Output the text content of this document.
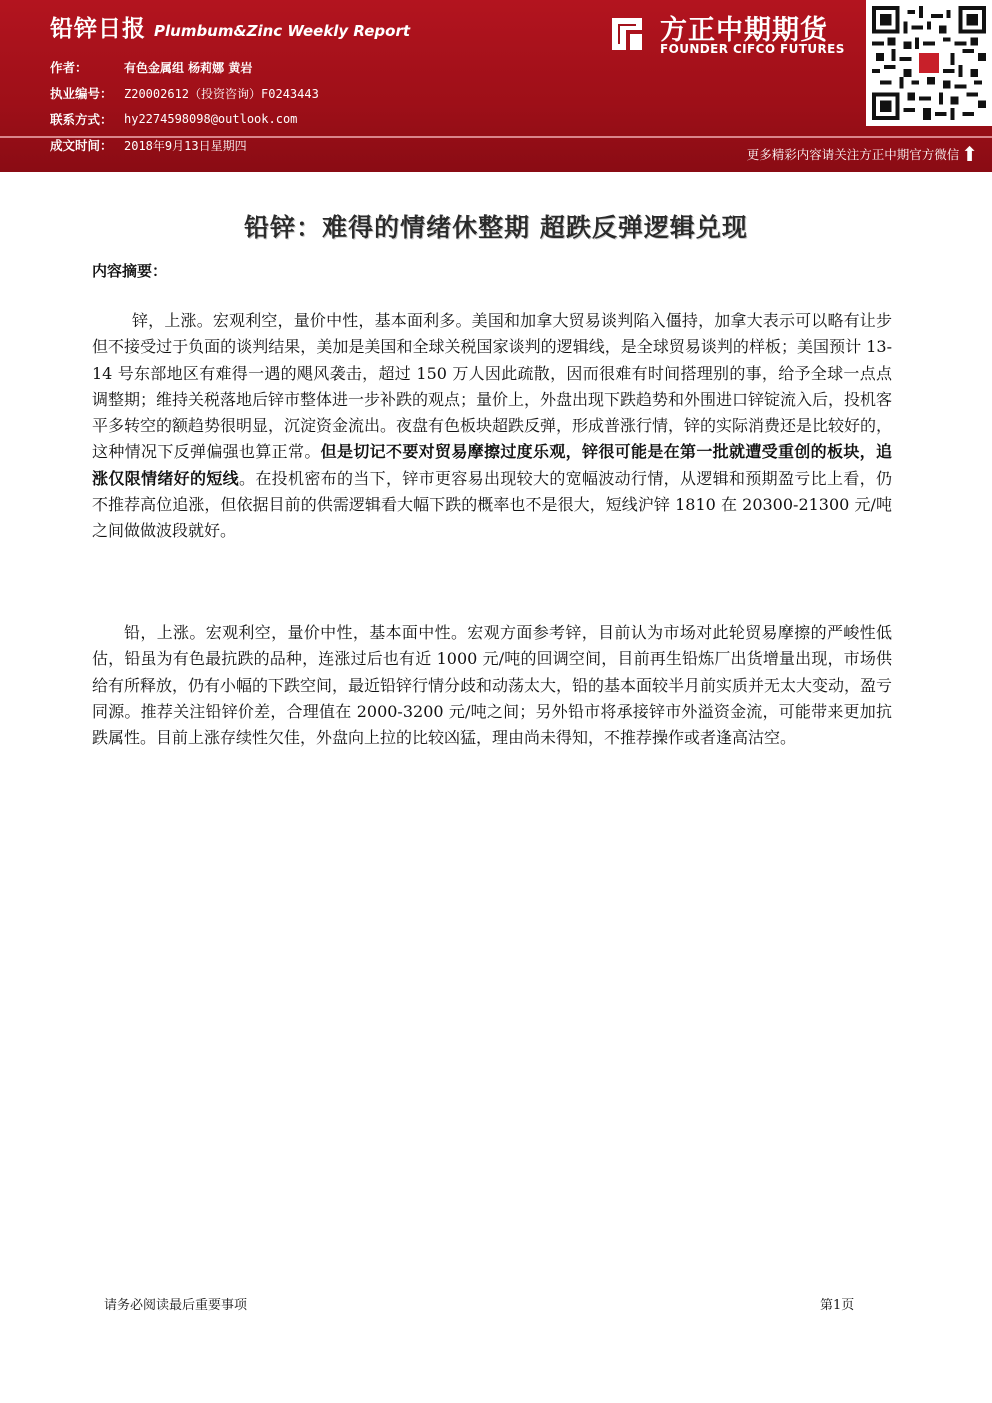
铅锌日报 Plumbum&Zinc Weekly Report
作者：	有色金属组 杨莉娜 黄岩
执业编号： Z20002612（投资咨询）F0243443
联系方式： hy2274598098@outlook.com
成文时间： 2018年9月13日星期四
方正中期期货
FOUNDER CIFCO FUTURES
更多精彩内容请关注方正中期官方微信 ⬆
铅锌：难得的情绪休整期 超跌反弹逻辑兑现
内容摘要：

锌，上涨。宏观利空，量价中性，基本面利多。美国和加拿大贸易谈判陷入僵持，加拿大表示可以略有让步但不接受过于负面的谈判结果，美加是美国和全球关税国家谈判的逻辑线，是全球贸易谈判的样板；美国预计 13-14 号东部地区有难得一遇的飓风袭击，超过 150 万人因此疏散，因而很难有时间搭理别的事，给予全球一点点调整期；维持关税落地后锌市整体进一步补跌的观点；量价上，外盘出现下跌趋势和外围进口锌锭流入后，投机客平多转空的额趋势很明显，沉淀资金流出。夜盘有色板块超跌反弹，形成普涨行情，锌的实际消费还是比较好的，这种情况下反弹偏强也算正常。但是切记不要对贸易摩擦过度乐观，锌很可能是在第一批就遭受重创的板块，追涨仅限情绪好的短线。在投机密布的当下，锌市更容易出现较大的宽幅波动行情，从逻辑和预期盈亏比上看，仍不推荐高位追涨，但依据目前的供需逻辑看大幅下跌的概率也不是很大，短线沪锌 1810 在 20300-21300 元/吨之间做做波段就好。

铅，上涨。宏观利空，量价中性，基本面中性。宏观方面参考锌，目前认为市场对此轮贸易摩擦的严峻性低估，铅虽为有色最抗跌的品种，连涨过后也有近 1000 元/吨的回调空间，目前再生铅炼厂出货增量出现，市场供给有所释放，仍有小幅的下跌空间，最近铅锌行情分歧和动荡太大，铅的基本面较半月前实质并无太大变动，盈亏同源。推荐关注铅锌价差，合理值在 2000-3200 元/吨之间；另外铅市将承接锌市外溢资金流，可能带来更加抗跌属性。目前上涨存续性欠佳，外盘向上拉的比较凶猛，理由尚未得知，不推荐操作或者逢高沽空。

请务必阅读最后重要事项	第1页
